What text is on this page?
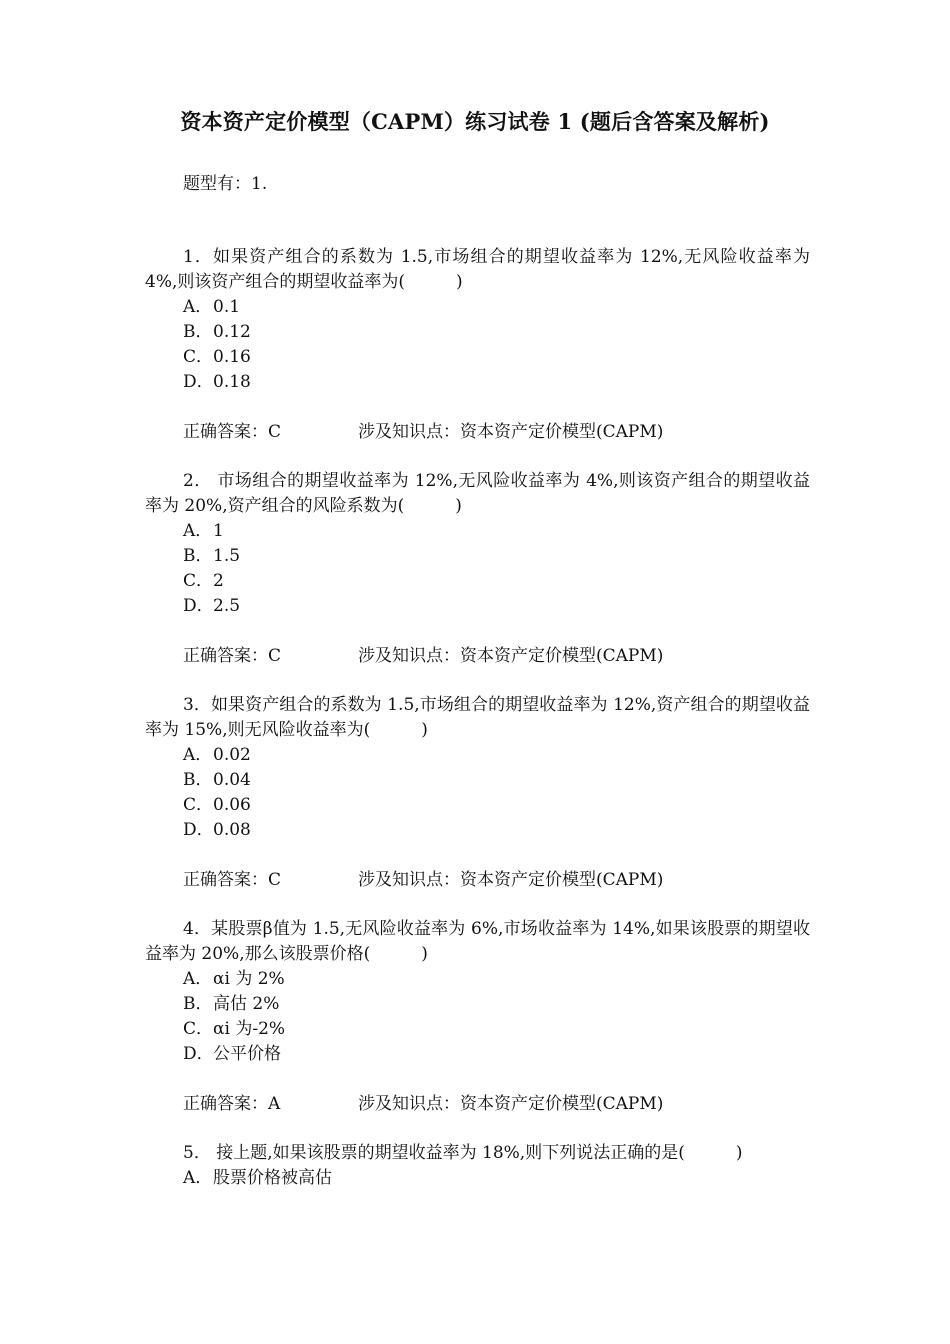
资本资产定价模型（CAPM）练习试卷 1 (题后含答案及解析)
题型有：1.

1．如果资产组合的系数为 1.5,市场组合的期望收益率为 12%,无风险收益率为 4%,则该资产组合的期望收益率为(　　　)

A．0.1
B．0.12
C．0.16
D．0.18
正确答案：C	涉及知识点：资本资产定价模型(CAPM)

2． 市场组合的期望收益率为 12%,无风险收益率为 4%,则该资产组合的期望收益率为 20%,资产组合的风险系数为(　　　)

A．1
B．1.5
C．2
D．2.5
正确答案：C	涉及知识点：资本资产定价模型(CAPM)

3．如果资产组合的系数为 1.5,市场组合的期望收益率为 12%,资产组合的期望收益率为 15%,则无风险收益率为(　　　)

A．0.02
B．0.04
C．0.06
D．0.08
正确答案：C	涉及知识点：资本资产定价模型(CAPM)

4．某股票β值为 1.5,无风险收益率为 6%,市场收益率为 14%,如果该股票的期望收益率为 20%,那么该股票价格(　　　)

A．αi 为 2%
B．高估 2%
C．αi 为-2%
D．公平价格
正确答案：A	涉及知识点：资本资产定价模型(CAPM)

5． 接上题,如果该股票的期望收益率为 18%,则下列说法正确的是(　　　)

A．股票价格被高估
